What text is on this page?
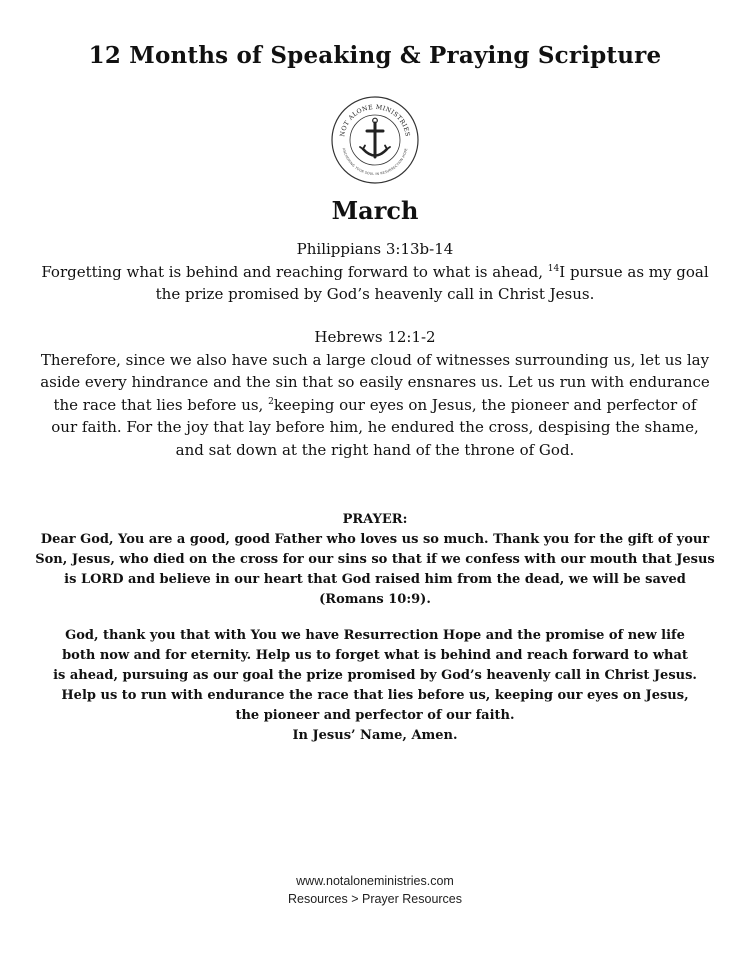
12 Months of Speaking & Praying Scripture
NOT ALONE MINISTRIES
ANCHORING YOUR SOUL IN RESURRECTION HOPE
March
Philippians 3:13b-14
Forgetting what is behind and reaching forward to what is ahead, $^{14}$I pursue as my goal the prize promised by God’s heavenly call in Christ Jesus.
Hebrews 12:1-2
Therefore, since we also have such a large cloud of witnesses surrounding us, let us lay aside every hindrance and the sin that so easily ensnares us. Let us run with endurance the race that lies before us, $^2$keeping our eyes on Jesus, the pioneer and perfector of our faith. For the joy that lay before him, he endured the cross, despising the shame, and sat down at the right hand of the throne of God.
PRAYER:
Dear God, You are a good, good Father who loves us so much. Thank you for the gift of your Son, Jesus, who died on the cross for our sins so that if we confess with our mouth that Jesus is LORD and believe in our heart that God raised him from the dead, we will be saved (Romans 10:9).
God, thank you that with You we have Resurrection Hope and the promise of new life
both now and for eternity. Help us to forget what is behind and reach forward to what
is ahead, pursuing as our goal the prize promised by God’s heavenly call in Christ Jesus.
Help us to run with endurance the race that lies before us, keeping our eyes on Jesus,
the pioneer and perfector of our faith.
In Jesus’ Name, Amen.
www.notaloneministries.com
Resources > Prayer Resources
